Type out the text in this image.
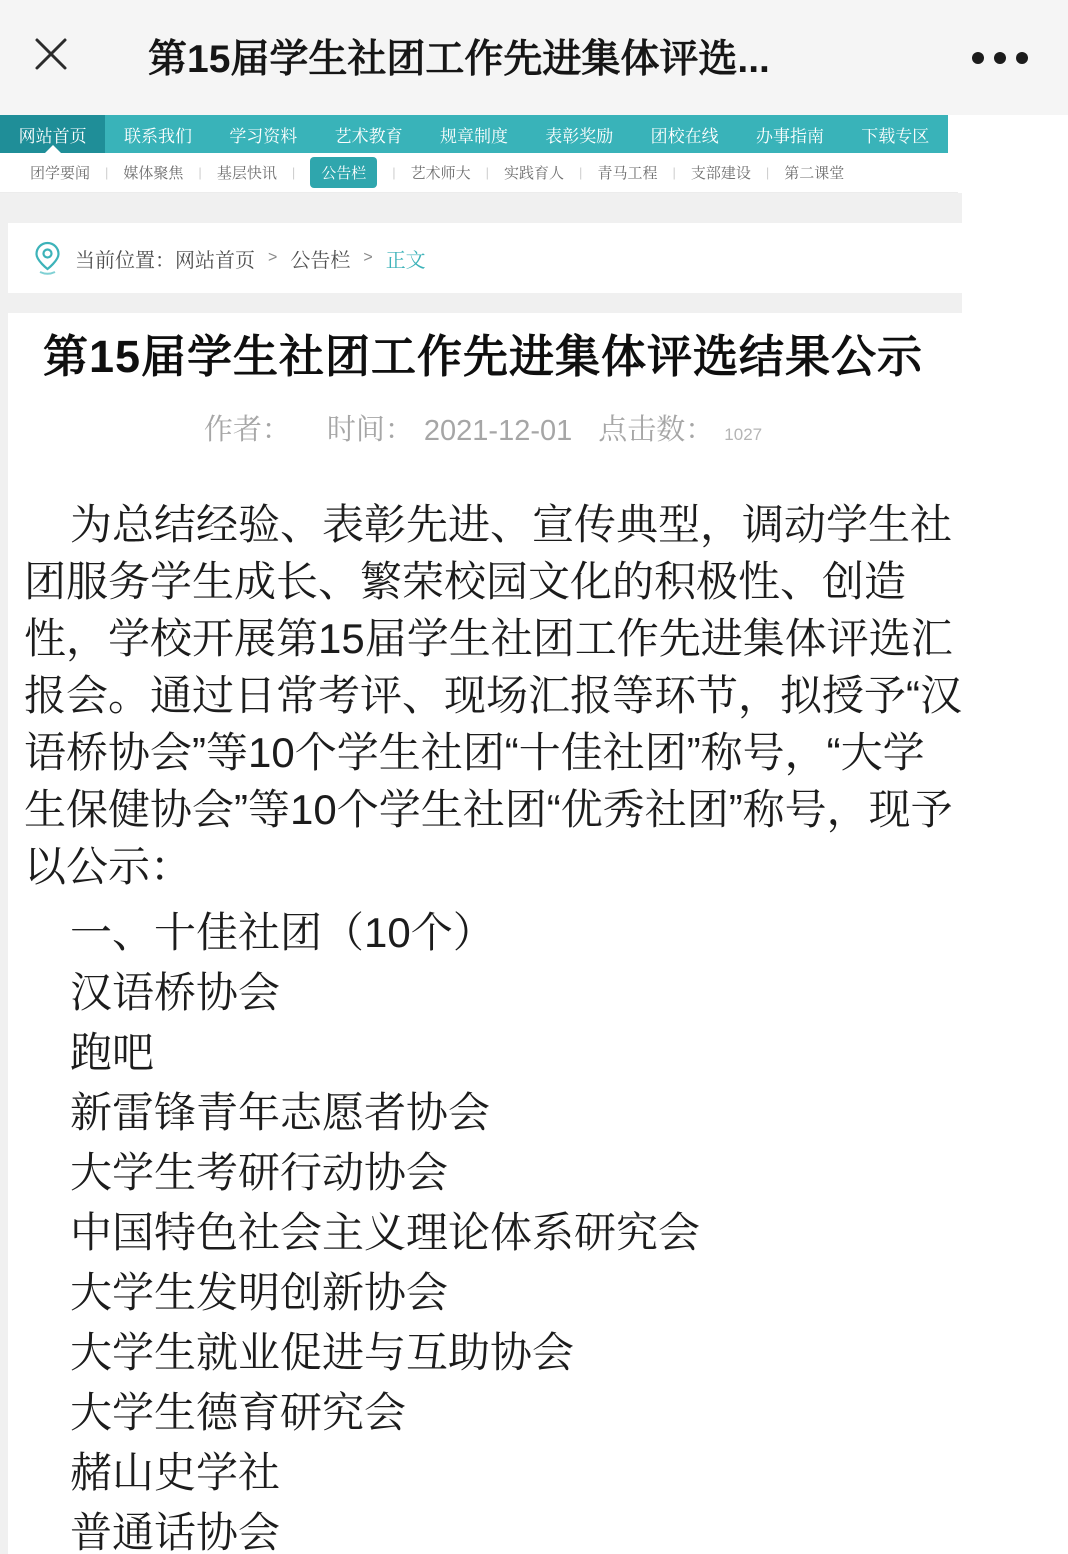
第15届学生社团工作先进集体评选...
网站首页 联系我们 学习资料 艺术教育 规章制度 表彰奖励 团校在线 办事指南 下载专区
团学要闻 | 媒体聚焦 | 基层快讯 |	公告栏	| 艺术师大 | 实践育人 | 青马工程 | 支部建设 | 第二课堂
当前位置： 网站首页 > 公告栏 > 正文
第15届学生社团工作先进集体评选结果公示
作者： 时间： 2021-12-01 点击数： 1027
为总结经验、表彰先进、宣传典型，调动学生社
团服务学生成长、繁荣校园文化的积极性、创造
性，学校开展第15届学生社团工作先进集体评选汇
报会。通过日常考评、现场汇报等环节，拟授予“汉
语桥协会”等10个学生社团“十佳社团”称号，“大学
生保健协会”等10个学生社团“优秀社团”称号，现予
以公示：
一、十佳社团（10个）
汉语桥协会
跑吧
新雷锋青年志愿者协会
大学生考研行动协会
中国特色社会主义理论体系研究会
大学生发明创新协会
大学生就业促进与互助协会
大学生德育研究会
赭山史学社
普通话协会
